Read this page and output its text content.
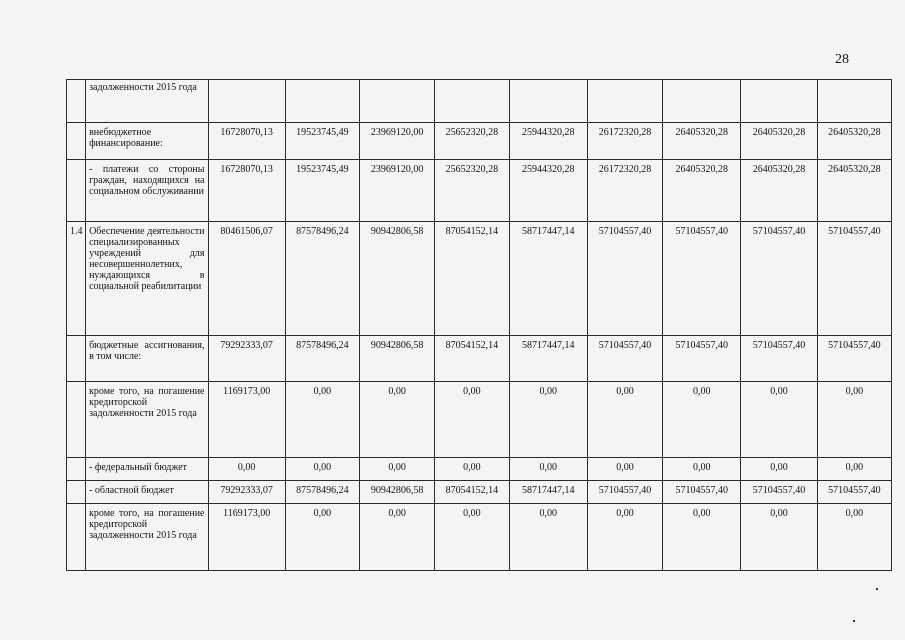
28
	задолженности 2015 года									
	внебюджетное финансирование:	16728070,13	19523745,49	23969120,00	25652320,28	25944320,28	26172320,28	26405320,28	26405320,28	26405320,28
	- платежи со стороны граждан, находящихся на социальном обслуживании	16728070,13	19523745,49	23969120,00	25652320,28	25944320,28	26172320,28	26405320,28	26405320,28	26405320,28
1.4	Обеспечение деятельности специализированных учреждений для несовершеннолетних, нуждающихся в социальной реабилитации	80461506,07	87578496,24	90942806,58	87054152,14	58717447,14	57104557,40	57104557,40	57104557,40	57104557,40
	бюджетные ассигнования, в том числе:	79292333,07	87578496,24	90942806,58	87054152,14	58717447,14	57104557,40	57104557,40	57104557,40	57104557,40
	кроме того, на погашение кредиторской задолженности 2015 года	1169173,00	0,00	0,00	0,00	0,00	0,00	0,00	0,00	0,00
	- федеральный бюджет	0,00	0,00	0,00	0,00	0,00	0,00	0,00	0,00	0,00
	- областной бюджет	79292333,07	87578496,24	90942806,58	87054152,14	58717447,14	57104557,40	57104557,40	57104557,40	57104557,40
	кроме того, на погашение кредиторской задолженности 2015 года	1169173,00	0,00	0,00	0,00	0,00	0,00	0,00	0,00	0,00
